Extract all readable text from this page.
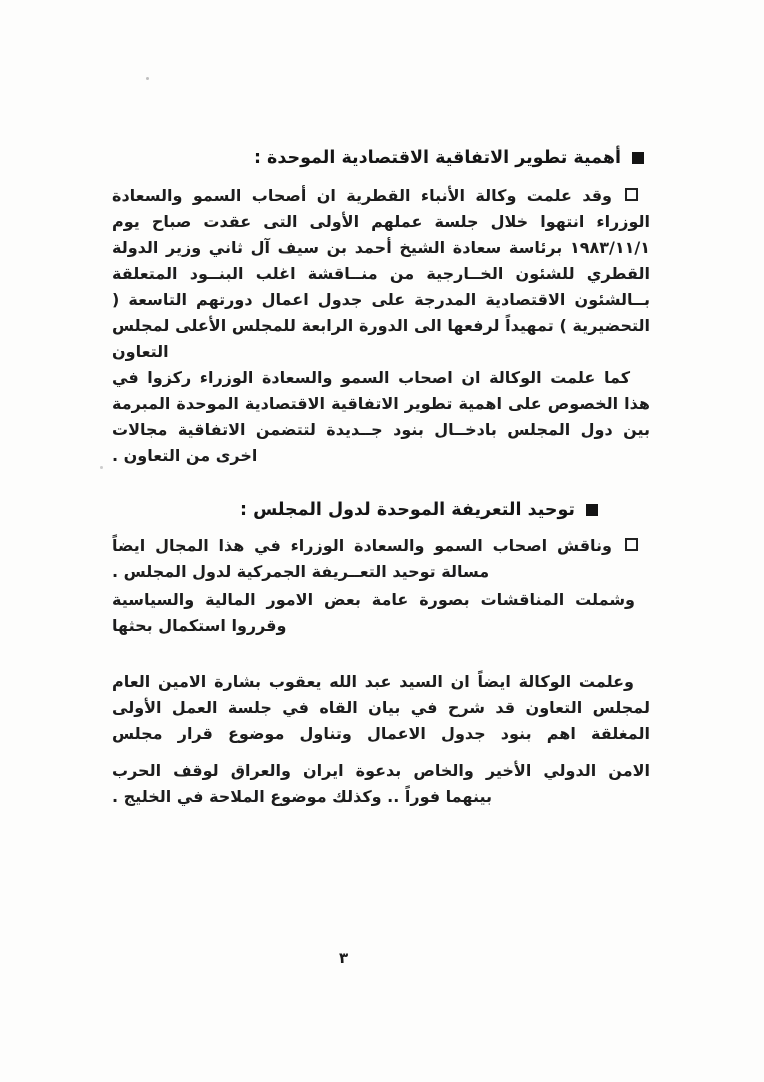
أهمية تطوير الاتفاقية الاقتصادية الموحدة :

وقد علمت وكالة الأنباء القطرية ان أصحاب السمو والسعادة الوزراء انتهوا خلال جلسة عملهم الأولى التى عقدت صباح يوم ١٩٨٣/١١/١ برئاسة سعادة الشيخ أحمد بن سيف آل ثاني وزير الدولة القطري للشئون الخــارجية من منــاقشة اغلب البنــود المتعلقة بــالشئون الاقتصادية المدرجة على جدول اعمال دورتهم التاسعة ( التحضيرية ) تمهيداً لرفعها الى الدورة الرابعة للمجلس الأعلى لمجلس التعاون

كما علمت الوكالة ان اصحاب السمو والسعادة الوزراء ركزوا في هذا الخصوص على اهمية تطوير الاتفاقية الاقتصادية الموحدة المبرمة بين دول المجلس بادخــال بنود جــديدة لتتضمن الاتفاقية مجالات اخرى من التعاون .

توحيد التعريفة الموحدة لدول المجلس :

وناقش اصحاب السمو والسعادة الوزراء في هذا المجال ايضاً مسالة توحيد التعــريفة الجمركية لدول المجلس .

وشملت المناقشات بصورة عامة بعض الامور المالية والسياسية وقرروا استكمال بحثها

وعلمت الوكالة ايضاً ان السيد عبد الله يعقوب بشارة الامين العام لمجلس التعاون قد شرح في بيان القاه في جلسة العمل الأولى المغلقة اهم بنود جدول الاعمال وتناول موضوع قرار مجلس

الامن الدولي الأخير والخاص بدعوة ايران والعراق لوقف الحرب بينهما فوراً .. وكذلك موضوع الملاحة في الخليج .

٣
